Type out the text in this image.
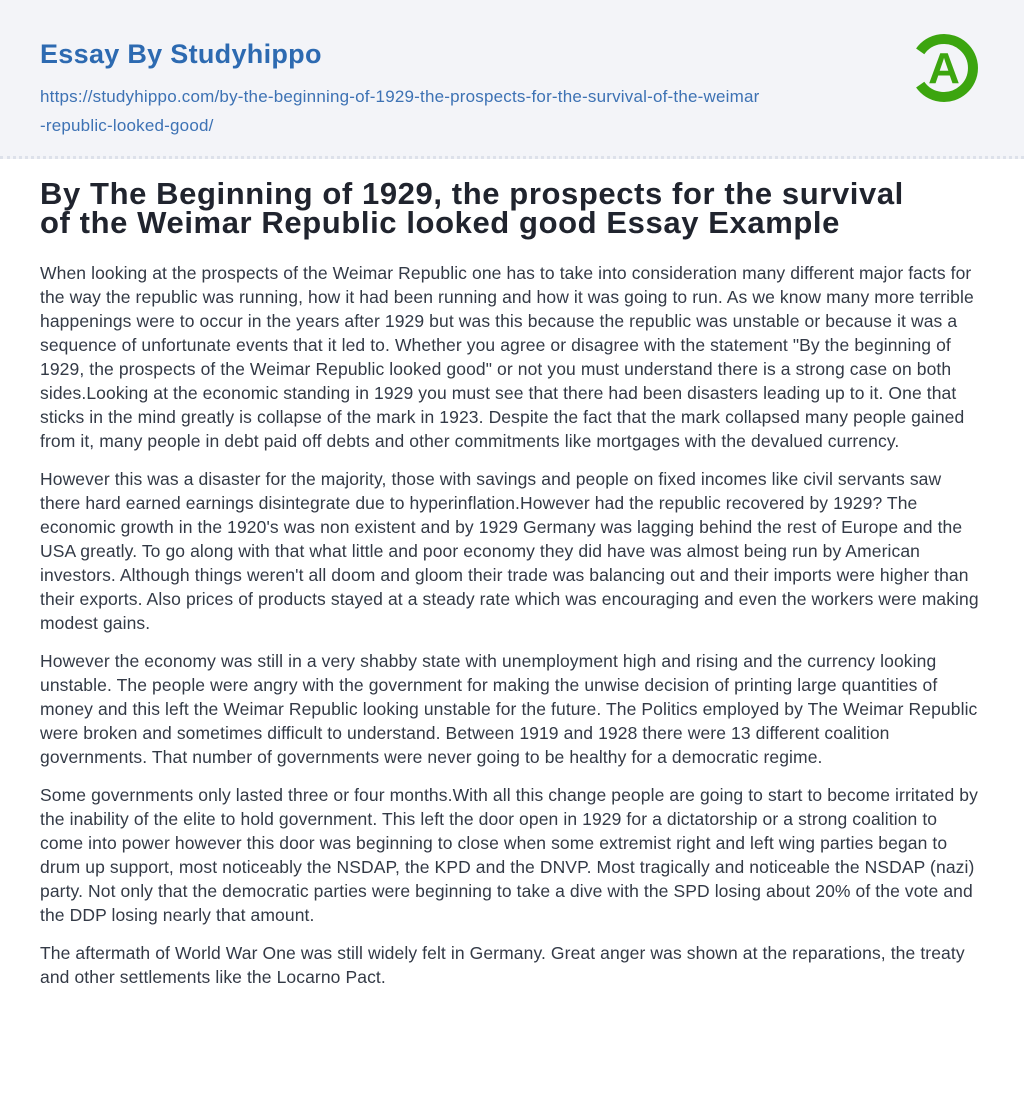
Essay By Studyhippo
https://studyhippo.com/by-the-beginning-of-1929-the-prospects-for-the-survival-of-the-weimar-republic-looked-good/
A
By The Beginning of 1929, the prospects for the survival of the Weimar Republic looked good Essay Example

When looking at the prospects of the Weimar Republic one has to take into consideration many different major facts for the way the republic was running, how it had been running and how it was going to run. As we know many more terrible happenings were to occur in the years after 1929 but was this because the republic was unstable or because it was a sequence of unfortunate events that it led to. Whether you agree or disagree with the statement "By the beginning of 1929, the prospects of the Weimar Republic looked good" or not you must understand there is a strong case on both sides.Looking at the economic standing in 1929 you must see that there had been disasters leading up to it. One that sticks in the mind greatly is collapse of the mark in 1923. Despite the fact that the mark collapsed many people gained from it, many people in debt paid off debts and other commitments like mortgages with the devalued currency.

However this was a disaster for the majority, those with savings and people on fixed incomes like civil servants saw there hard earned earnings disintegrate due to hyperinflation.However had the republic recovered by 1929? The economic growth in the 1920's was non existent and by 1929 Germany was lagging behind the rest of Europe and the USA greatly. To go along with that what little and poor economy they did have was almost being run by American investors. Although things weren't all doom and gloom their trade was balancing out and their imports were higher than their exports. Also prices of products stayed at a steady rate which was encouraging and even the workers were making modest gains.

However the economy was still in a very shabby state with unemployment high and rising and the currency looking unstable. The people were angry with the government for making the unwise decision of printing large quantities of money and this left the Weimar Republic looking unstable for the future. The Politics employed by The Weimar Republic were broken and sometimes difficult to understand. Between 1919 and 1928 there were 13 different coalition governments. That number of governments were never going to be healthy for a democratic regime.

Some governments only lasted three or four months.With all this change people are going to start to become irritated by the inability of the elite to hold government. This left the door open in 1929 for a dictatorship or a strong coalition to come into power however this door was beginning to close when some extremist right and left wing parties began to drum up support, most noticeably the NSDAP, the KPD and the DNVP. Most tragically and noticeable the NSDAP (nazi) party. Not only that the democratic parties were beginning to take a dive with the SPD losing about 20% of the vote and the DDP losing nearly that amount.

The aftermath of World War One was still widely felt in Germany. Great anger was shown at the reparations, the treaty and other settlements like the Locarno Pact.
